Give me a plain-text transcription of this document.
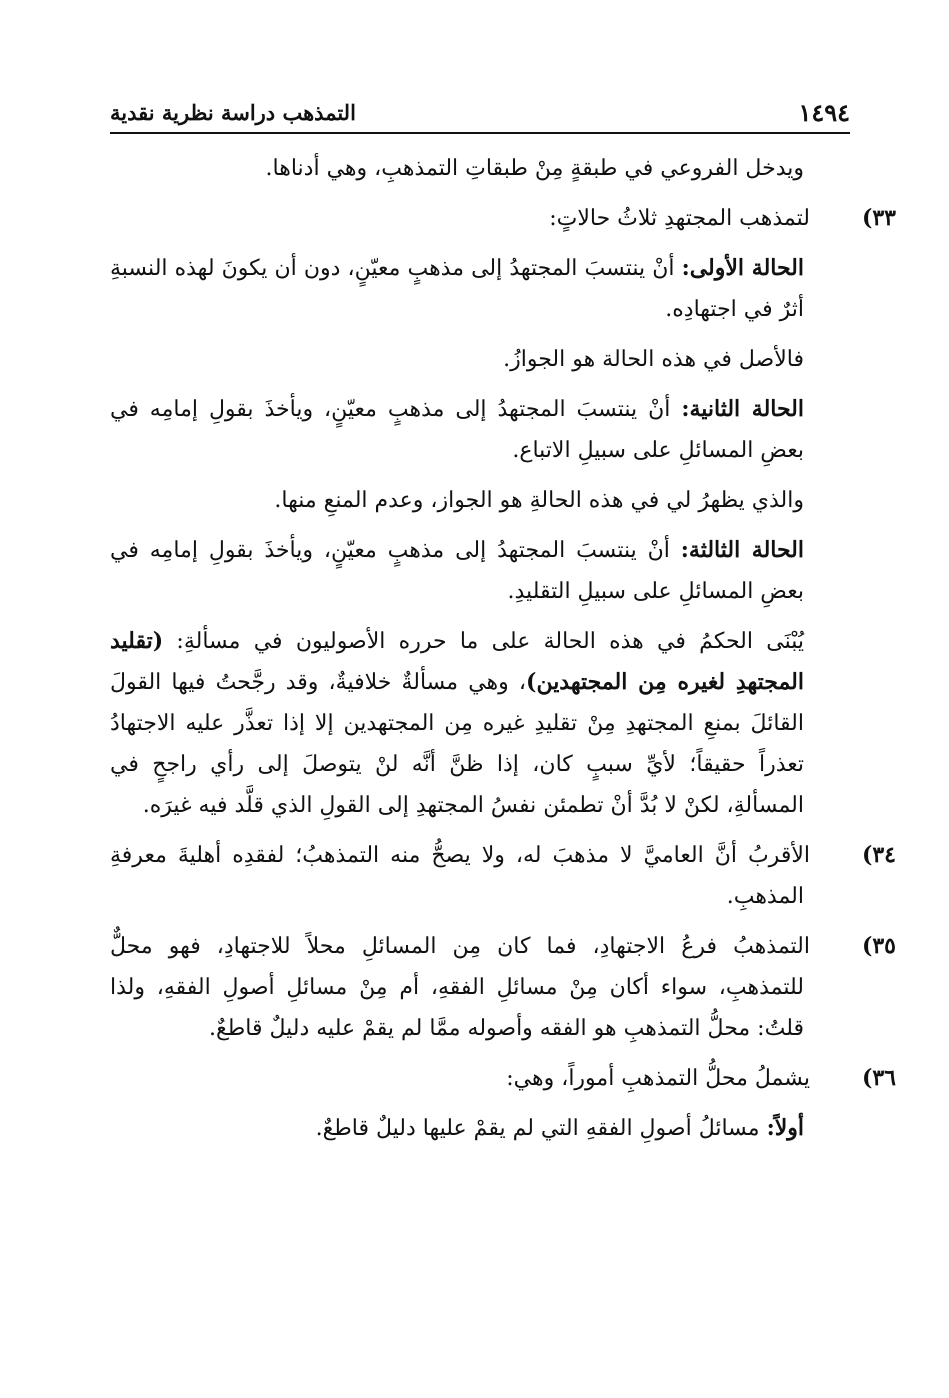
١٤٩٤
التمذهب دراسة نظرية نقدية

ويدخل الفروعي في طبقةٍ مِنْ طبقاتِ التمذهبِ، وهي أدناها.

٣٣)لتمذهب المجتهدِ ثلاثُ حالاتٍ:

الحالة الأولى: أنْ ينتسبَ المجتهدُ إلى مذهبٍ معيّنٍ، دون أن يكونَ لهذه النسبةِ أثرٌ في اجتهادِه.

فالأصل في هذه الحالة هو الجوازُ.

الحالة الثانية: أنْ ينتسبَ المجتهدُ إلى مذهبٍ معيّنٍ، ويأخذَ بقولِ إمامِه في بعضِ المسائلِ على سبيلِ الاتباع.

والذي يظهرُ لي في هذه الحالةِ هو الجواز، وعدم المنعِ منها.

الحالة الثالثة: أنْ ينتسبَ المجتهدُ إلى مذهبٍ معيّنٍ، ويأخذَ بقولِ إمامِه في بعضِ المسائلِ على سبيلِ التقليدِ.

يُبْنَى الحكمُ في هذه الحالة على ما حرره الأصوليون في مسألةِ: (تقليد المجتهدِ لغيره مِن المجتهدين)، وهي مسألةٌ خلافيةٌ، وقد رجَّحتُ فيها القولَ القائلَ بمنعِ المجتهدِ مِنْ تقليدِ غيره مِن المجتهدين إلا إذا تعذَّر عليه الاجتهادُ تعذراً حقيقاً؛ لأيِّ سببٍ كان، إذا ظنَّ أنَّه لنْ يتوصلَ إلى رأي راجحٍ في المسألةِ، لكنْ لا بُدَّ أنْ تطمئن نفسُ المجتهدِ إلى القولِ الذي قلَّد فيه غيرَه.

٣٤)الأقربُ أنَّ العاميَّ لا مذهبَ له، ولا يصحُّ منه التمذهبُ؛ لفقدِه أهليةَ معرفةِ المذهبِ.

٣٥)التمذهبُ فرعُ الاجتهادِ، فما كان مِن المسائلِ محلاً للاجتهادِ، فهو محلٌّ للتمذهبِ، سواء أكان مِنْ مسائلِ الفقهِ، أم مِنْ مسائلِ أصولِ الفقهِ، ولذا قلتُ: محلُّ التمذهبِ هو الفقه وأصوله ممَّا لم يقمْ عليه دليلٌ قاطعٌ.

٣٦)يشملُ محلُّ التمذهبِ أموراً، وهي:

أولاً: مسائلُ أصولِ الفقهِ التي لم يقمْ عليها دليلٌ قاطعٌ.
